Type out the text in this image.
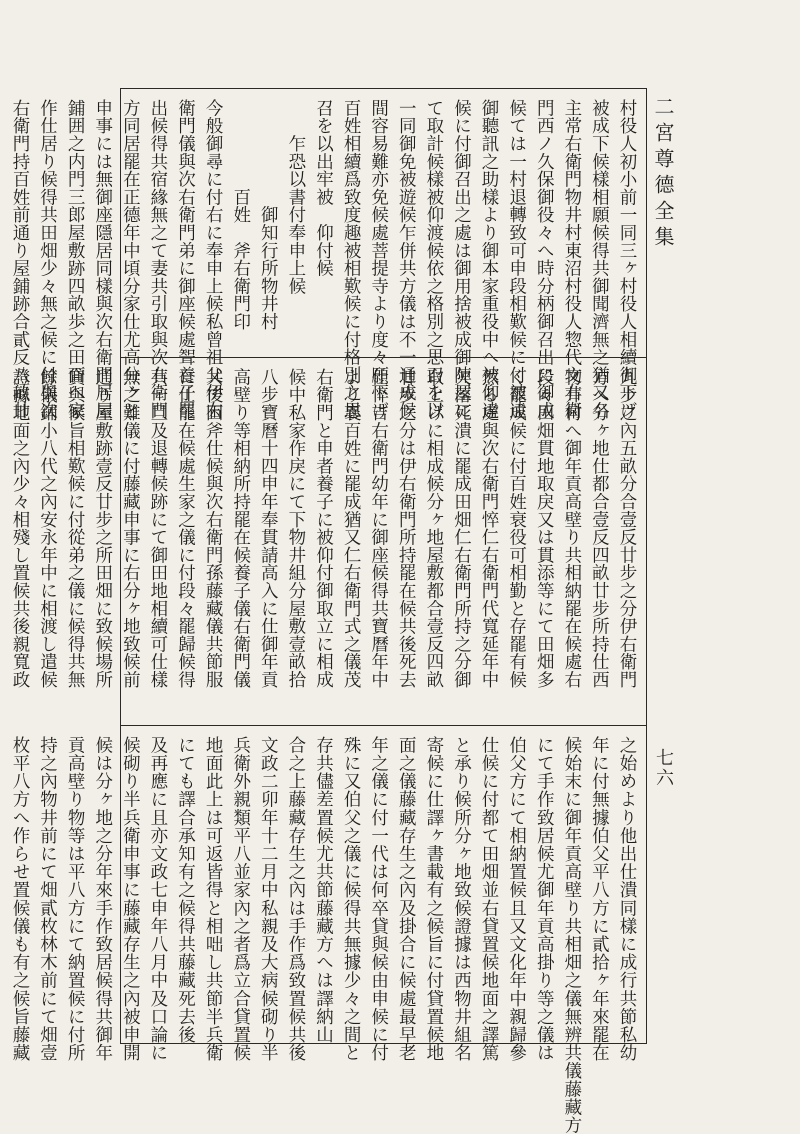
村役人初小前一同三ヶ村役人相續御下げ
被成下候樣相願候得共御聞濟無之猶又名
主常右衛門物井村東沼村役人惣代文右衛
門西ノ久保御役々へ時分柄御召出に御成
候ては一村退轉致可申段相歎候に付被遠
御聽訊之助樣より御本家重役中へ被仰達
候に付御召出之處は御用捨被成御陣屋に
て取計候樣被仰渡候依之格別之思召を以
一同御免被遊候乍併共方儀は不一通成候
間容易難亦免候處菩提寺より度々願下げ
百姓相續爲致度趣被相歎候に付格別之思
召を以出牢被　仰付候
　　乍恐以書付奉申上候
　　　　　　御知行所物井村
　　　　　百姓　斧右衛門印
今般御尋に付右に奉申上候私曾祖父伊右
衛門儀與次右衛門弟に御座候處聟養子罷
出候得共宿緣無之て妻共引取與次右衛門
方同居罷在正德年中頃分家仕尤高分ヶと
申事には無御座隱居同樣與次右衛門居屋
鋪囲之内門三郎屋敷跡四畝歩之田面へ家
作仕居り候得共田畑少々無之候に付與次
右衛門持百姓前通り屋鋪跡合貳反八畝廿
九步之內五畝分合壹反廿步之分伊右衛門
方へ分ヶ地仕都合壹反四畝廿步所持仕西
物井村へ御年貢高壁り共相納罷在候處右
段々田畑貫地取戾又は貫添等にて田畑多
く罷成候に付百姓衰役可相勤と存罷有候
然る處與次右衛門悴仁右衛門代寬延年中
欠落死潰に罷成田畑仁右衛門所持之分御
取上げに相成候分ヶ地屋敷都合壹反四畝
廿步之分は伊右衛門所持罷在候共後死去
仕悴吉右衛門幼年に御座候得共寶曆年中
より襄百姓に罷成猶又仁右衛門式之儀茂
右衛門と申者養子に被仰付御取立に相成
候中私家作戾にて下物井組分屋敷壹畝拾
八步寶曆十四申年奉貫請高入に仕御年貢
高壁り等相納所持罷在候養子儀右衛門儀
共後困斧仕候與次右衛門孫藤藏儀共節服
に仕罷在候處生家之儀に付段々罷歸候得
共一旦及退轉候跡にて御田地相續可仕樣
無之難儀に付藤藏申事に右分ヶ地致候前
通り屋敷跡壹反廿步之所田畑に致候場所
貸與候旨相歎候に付從弟之儀に候得共無
餘儀鋪小八代之內安永年中に相渡し遣候
證據地面之內少々相殘し置候共後親寬政
之始めより他出仕潰同樣に成行共節私幼
年に付無據伯父平八方に貳拾ヶ年來罷在
候始末に御年貢高壁り共相畑之儀無辨共儀藤藏方
にて手作致居候尤御年貢高掛り等之儀は
伯父方にて相納置候且又文化年中親歸參
仕候に付都て田畑並右貸置候地面之譯篤
と承り候所分ヶ地致候證據は西物井組名
寄候に仕譯ヶ書載有之候旨に付貸置候地
面之儀藤藏存生之內及掛合に候處最早老
年之儀に付一代は何卒貸與候由申候に付
殊に又伯父之儀に候得共無據少々之間と
存共儘差置候尤共節藤藏方へは譯納山
合之上藤藏存生之內は手作爲致置候共後
文政二卯年十二月中私親及大病候砌り半
兵衛外親類平八並家內之者爲立合貸置候
地面此上は可返皆得と相咄し共節半兵衛
にても譯合承知有之候得共藤藏死去後
及再應に且亦文政七申年八月中及口論に
候砌り半兵衛申事に藤藏存生之內被申開
候は分ヶ地之分年來手作致居候得共御年
貢高壁り物等は平八方にて納置候に付所
持之內物井前にて畑貳枚林木前にて畑壹
枚平八方へ作らせ置候儀も有之候旨藤藏
二宮尊德全集
七六
